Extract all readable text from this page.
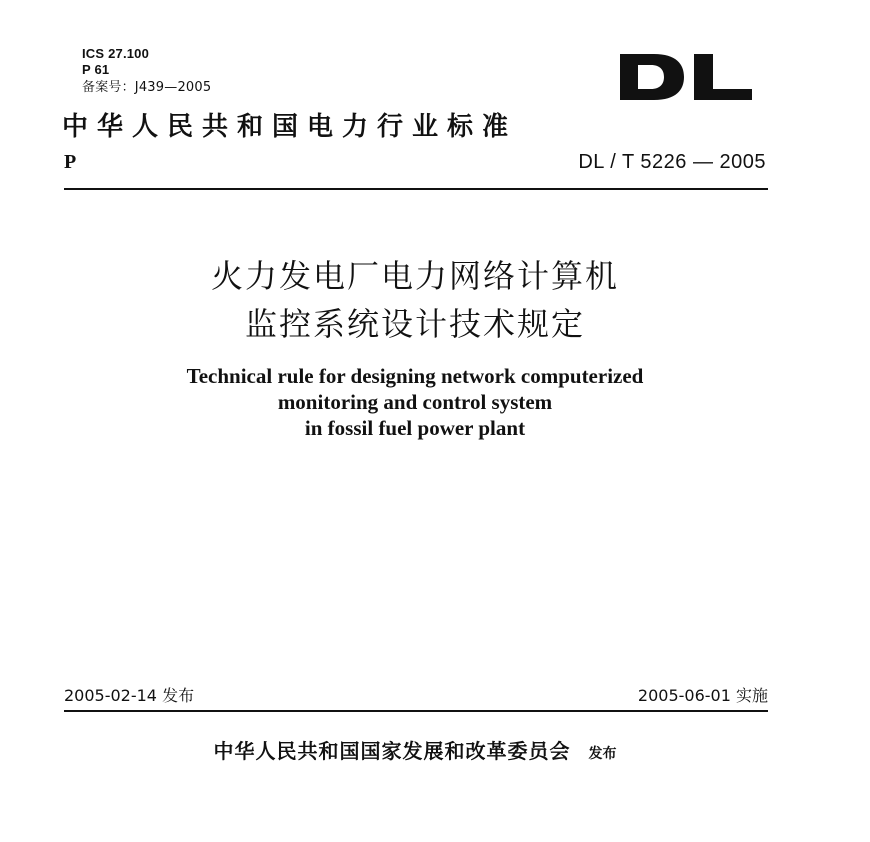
ICS 27.100
P 61
备案号：J439—2005
中华人民共和国电力行业标准
P	DL / T 5226 — 2005
火力发电厂电力网络计算机
监控系统设计技术规定
Technical rule for designing network computerized
monitoring and control system
in fossil fuel power plant
2005-02-14 发布	2005-06-01 实施
中华人民共和国国家发展和改革委员会 发布
